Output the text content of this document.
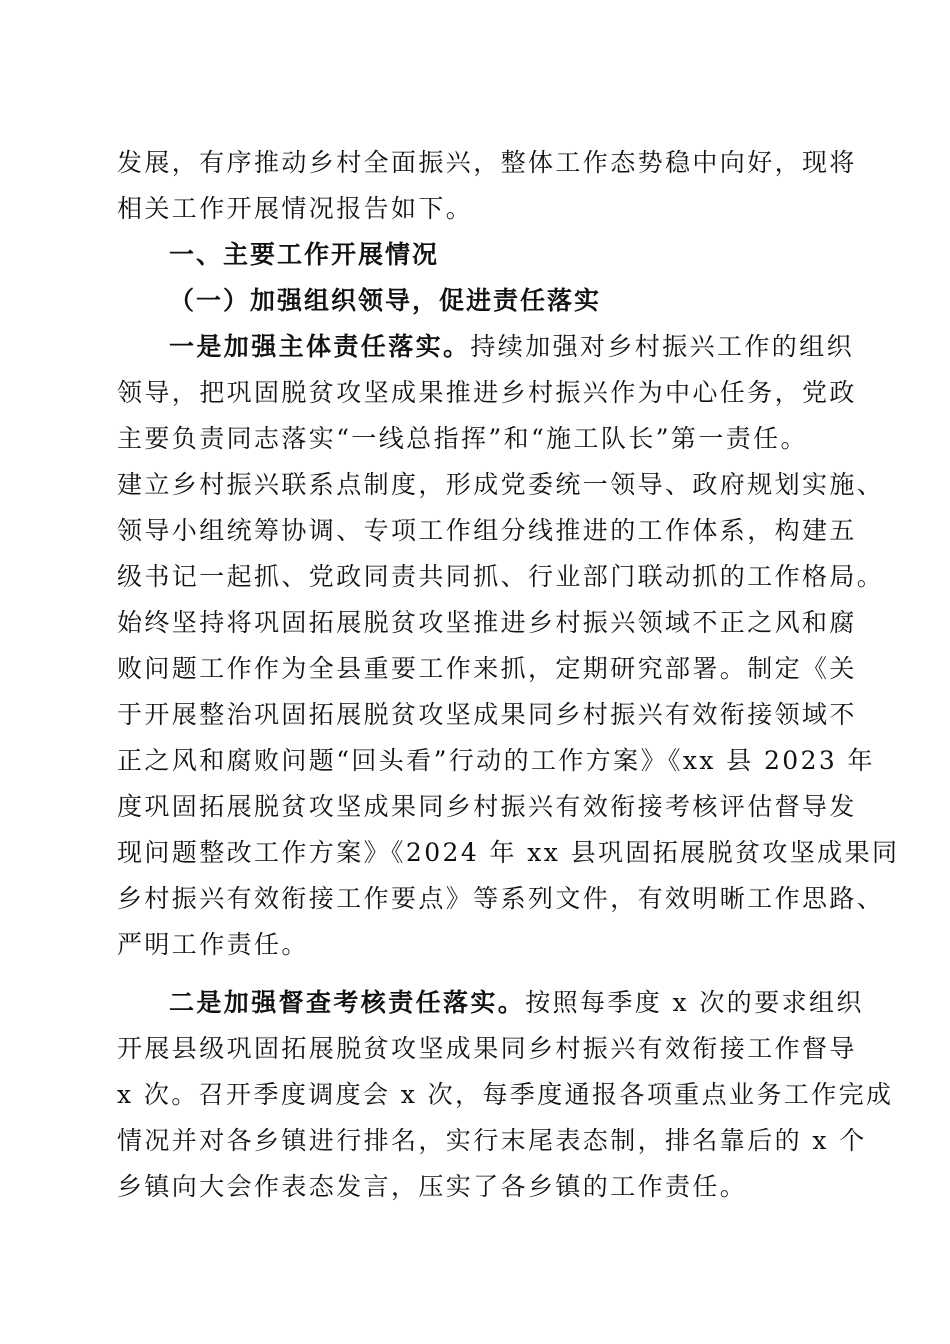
发展，有序推动乡村全面振兴，整体工作态势稳中向好，现将
相关工作开展情况报告如下。
一、主要工作开展情况
（一）加强组织领导，促进责任落实
一是加强主体责任落实。持续加强对乡村振兴工作的组织
领导，把巩固脱贫攻坚成果推进乡村振兴作为中心任务，党政
主要负责同志落实“一线总指挥”和“施工队长”第一责任。
建立乡村振兴联系点制度，形成党委统一领导、政府规划实施、
领导小组统筹协调、专项工作组分线推进的工作体系，构建五
级书记一起抓、党政同责共同抓、行业部门联动抓的工作格局。
始终坚持将巩固拓展脱贫攻坚推进乡村振兴领域不正之风和腐
败问题工作作为全县重要工作来抓，定期研究部署。制定《关
于开展整治巩固拓展脱贫攻坚成果同乡村振兴有效衔接领域不
正之风和腐败问题“回头看”行动的工作方案》《xx 县 2023 年
度巩固拓展脱贫攻坚成果同乡村振兴有效衔接考核评估督导发
现问题整改工作方案》《2024 年 xx 县巩固拓展脱贫攻坚成果同
乡村振兴有效衔接工作要点》等系列文件，有效明晰工作思路、
严明工作责任。
二是加强督查考核责任落实。按照每季度 x 次的要求组织
开展县级巩固拓展脱贫攻坚成果同乡村振兴有效衔接工作督导
x 次。召开季度调度会 x 次，每季度通报各项重点业务工作完成
情况并对各乡镇进行排名，实行末尾表态制，排名靠后的 x 个
乡镇向大会作表态发言，压实了各乡镇的工作责任。
